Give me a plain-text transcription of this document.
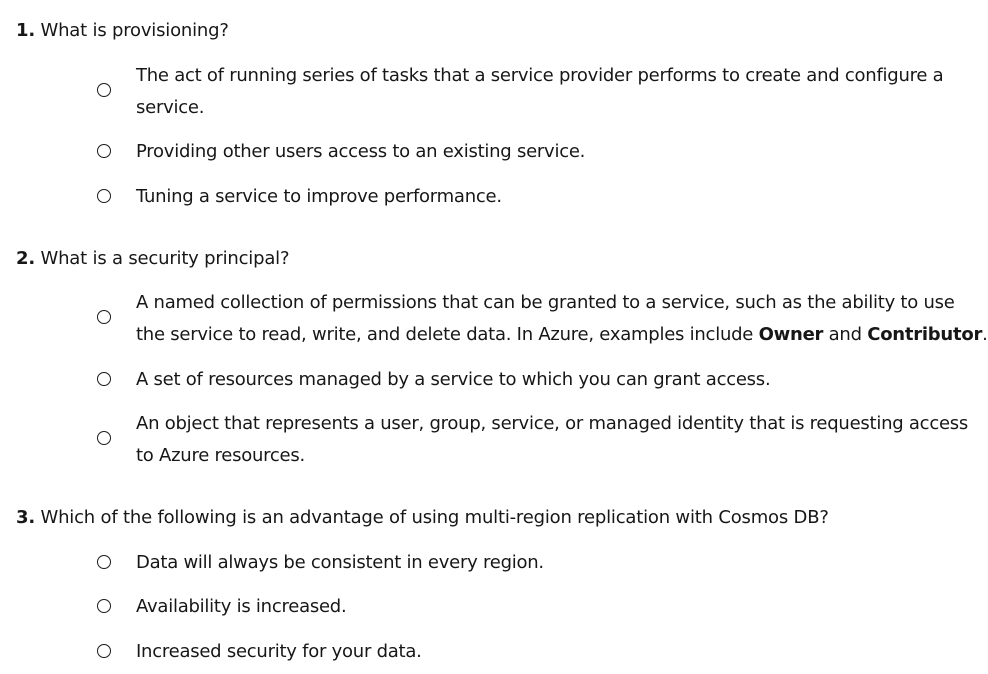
1. What is provisioning?
The act of running series of tasks that a service provider performs to create and configure a
service.
Providing other users access to an existing service.
Tuning a service to improve performance.
2. What is a security principal?
A named collection of permissions that can be granted to a service, such as the ability to use
the service to read, write, and delete data. In Azure, examples include Owner and Contributor.
A set of resources managed by a service to which you can grant access.
An object that represents a user, group, service, or managed identity that is requesting access
to Azure resources.
3. Which of the following is an advantage of using multi-region replication with Cosmos DB?
Data will always be consistent in every region.
Availability is increased.
Increased security for your data.
